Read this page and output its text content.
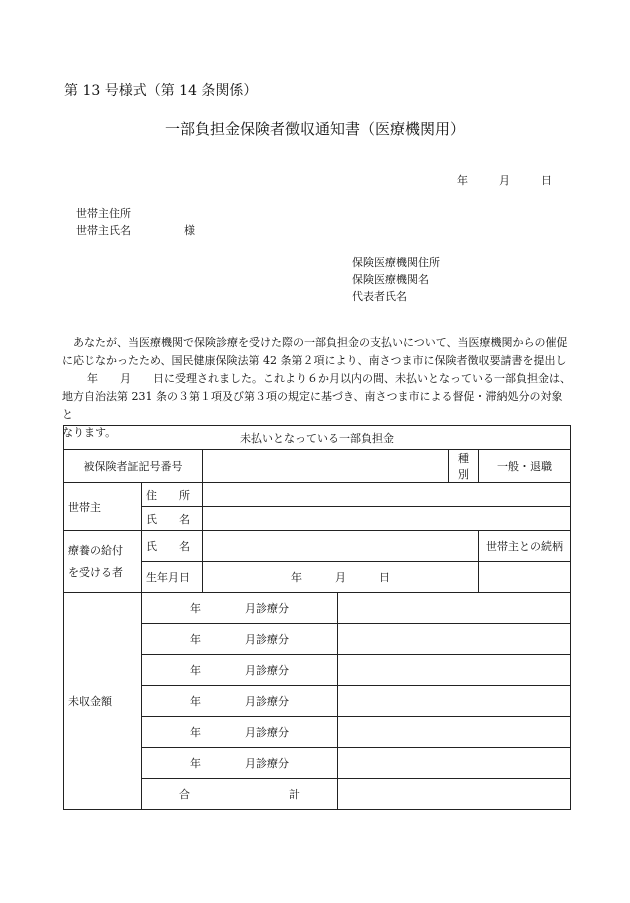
第 13 号様式（第 14 条関係）
一部負担金保険者徴収通知書（医療機関用）
年	月	日
世帯主住所
世帯主氏名	様
保険医療機関住所
保険医療機関名
代表者氏名

あなたが、当医療機関で保険診療を受けた際の一部負担金の支払いについて、当医療機関からの催促

に応じなかったため、国民健康保険法第 42 条第２項により、南さつま市に保険者徴収要請書を提出し

年　　月　　日に受理されました。これより６か月以内の間、未払いとなっている一部負担金は、

地方自治法第 231 条の３第１項及び第３項の規定に基づき、南さつま市による督促・滞納処分の対象と

なります。	未払いとなっている一部負担金					
被保険者証記号番号				種別	一般・退職
世帯主	住　　所				
	氏　　名				
療養の給付
を受ける者	氏　　名				世帯主との続柄
	生年月日	年　　　月　　　日			
未収金額	年　　　　月診療分				
	年　　　　月診療分				
	年　　　　月診療分				
	年　　　　月診療分				
	年　　　　月診療分				
	年　　　　月診療分				
	合　　　　　　　　　計				
